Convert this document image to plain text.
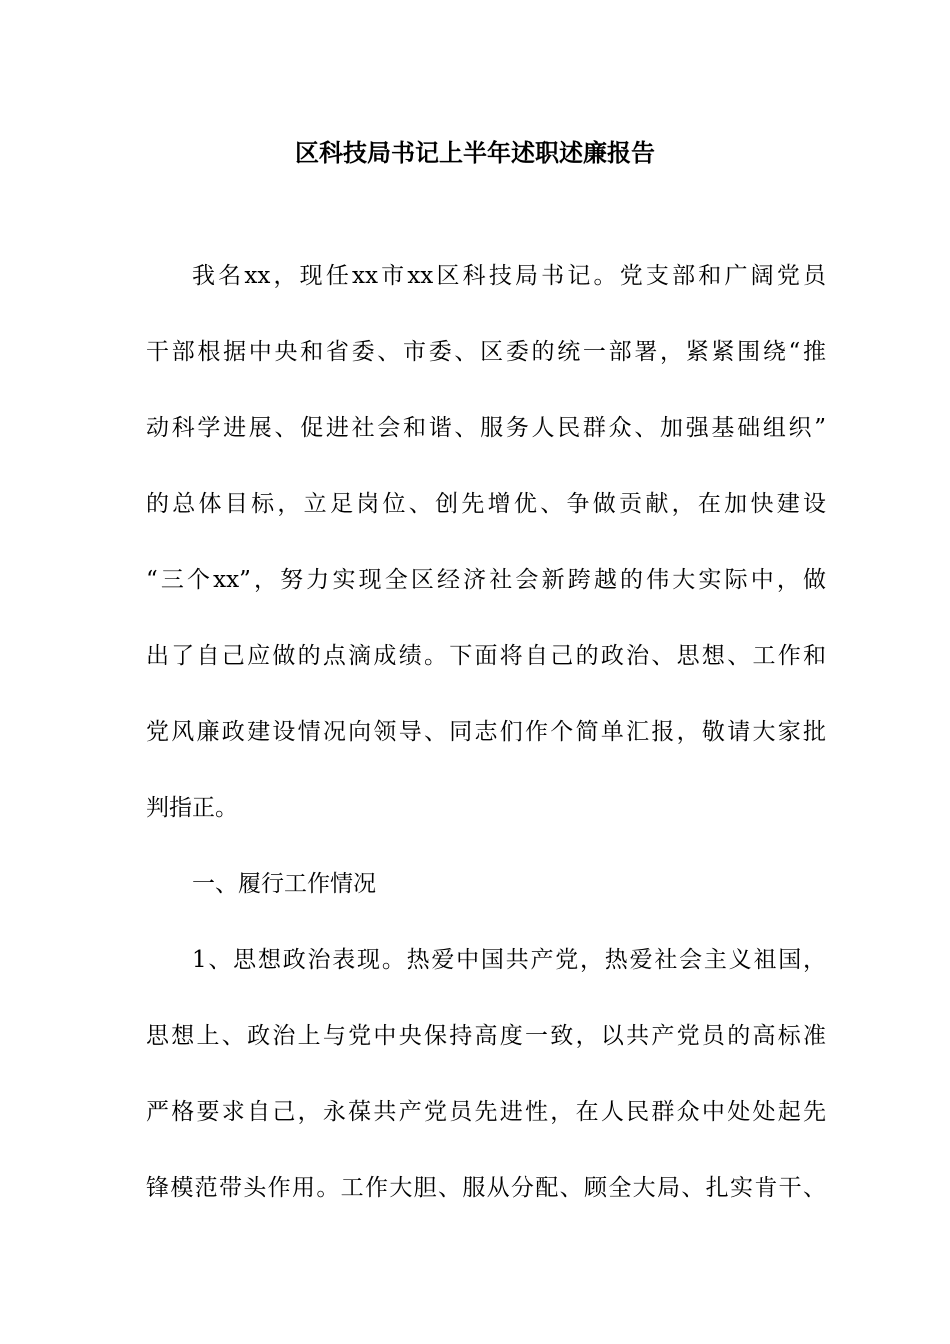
区科技局书记上半年述职述廉报告

我名xx，现任xx市xx区科技局书记。党支部和广阔党员

干部根据中央和省委、市委、区委的统一部署，紧紧围绕“推

动科学进展、促进社会和谐、服务人民群众、加强基础组织”

的总体目标，立足岗位、创先增优、争做贡献，在加快建设

“三个xx”，努力实现全区经济社会新跨越的伟大实际中，做

出了自己应做的点滴成绩。下面将自己的政治、思想、工作和

党风廉政建设情况向领导、同志们作个简单汇报，敬请大家批

判指正。

一、履行工作情况

1、思想政治表现。热爱中国共产党，热爱社会主义祖国，

思想上、政治上与党中央保持高度一致，以共产党员的高标准

严格要求自己，永葆共产党员先进性，在人民群众中处处起先

锋模范带头作用。工作大胆、服从分配、顾全大局、扎实肯干、
